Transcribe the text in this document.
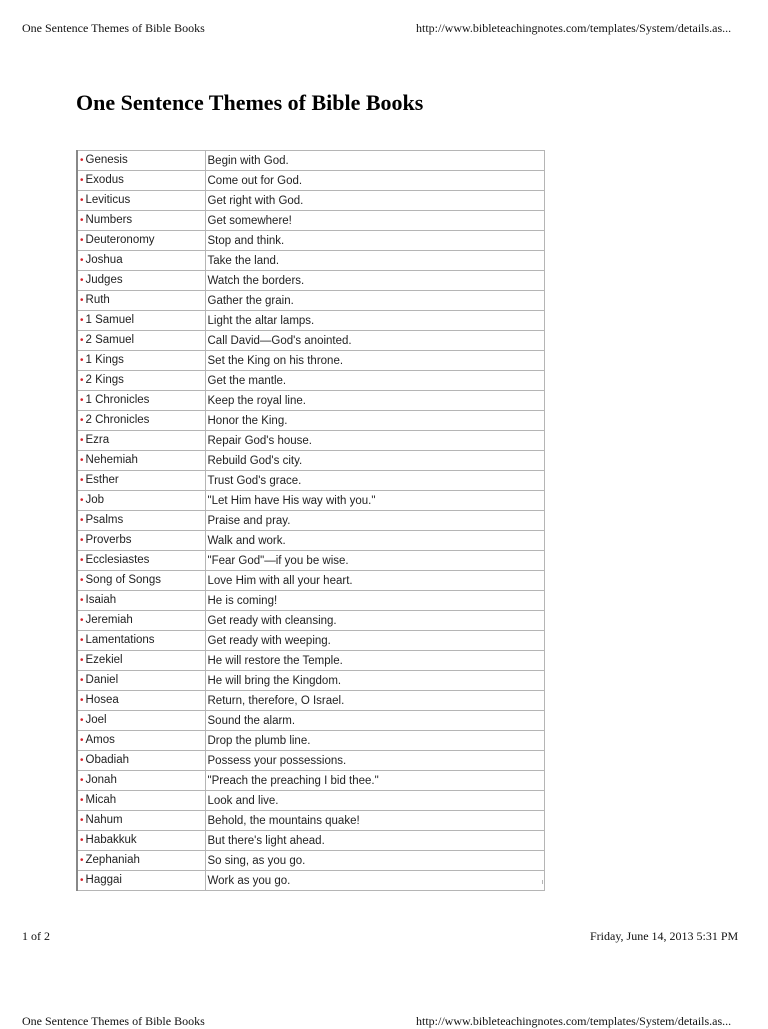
One Sentence Themes of Bible Books	http://www.bibleteachingnotes.com/templates/System/details.as...
One Sentence Themes of Bible Books
• Genesis	Begin with God.
• Exodus	Come out for God.
• Leviticus	Get right with God.
• Numbers	Get somewhere!
• Deuteronomy	Stop and think.
• Joshua	Take the land.
• Judges	Watch the borders.
• Ruth	Gather the grain.
• 1 Samuel	Light the altar lamps.
• 2 Samuel	Call David—God's anointed.
• 1 Kings	Set the King on his throne.
• 2 Kings	Get the mantle.
• 1 Chronicles	Keep the royal line.
• 2 Chronicles	Honor the King.
• Ezra	Repair God's house.
• Nehemiah	Rebuild God's city.
• Esther	Trust God's grace.
• Job	"Let Him have His way with you."
• Psalms	Praise and pray.
• Proverbs	Walk and work.
• Ecclesiastes	"Fear God"—if you be wise.
• Song of Songs	Love Him with all your heart.
• Isaiah	He is coming!
• Jeremiah	Get ready with cleansing.
• Lamentations	Get ready with weeping.
• Ezekiel	He will restore the Temple.
• Daniel	He will bring the Kingdom.
• Hosea	Return, therefore, O Israel.
• Joel	Sound the alarm.
• Amos	Drop the plumb line.
• Obadiah	Possess your possessions.
• Jonah	"Preach the preaching I bid thee."
• Micah	Look and live.
• Nahum	Behold, the mountains quake!
• Habakkuk	But there's light ahead.
• Zephaniah	So sing, as you go.
• Haggai	Work as you go.
1 of 2	Friday, June 14, 2013 5:31 PM
One Sentence Themes of Bible Books	http://www.bibleteachingnotes.com/templates/System/details.as...
